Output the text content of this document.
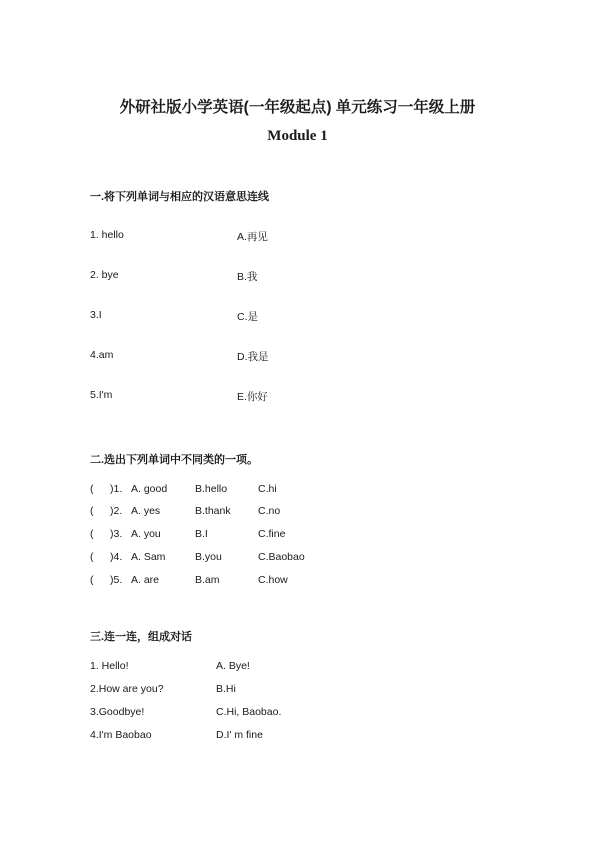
外研社版小学英语(一年级起点) 单元练习一年级上册
Module 1
一.将下列单词与相应的汉语意思连线
1. hello	A.再见
2. bye	B.我
3.I	C.是
4.am	D.我是
5.I'm	E.你好
二.选出下列单词中不同类的一项。
( )1. A. good	B.hello	C.hi
( )2. A. yes	B.thank	C.no
( )3. A. you	B.I	C.fine
( )4. A. Sam	B.you	C.Baobao
( )5. A. are	B.am	C.how
三.连一连，组成对话
1. Hello!	A. Bye!
2.How are you?	B.Hi
3.Goodbye!	C.Hi, Baobao.
4.I'm Baobao	D.I' m fine
